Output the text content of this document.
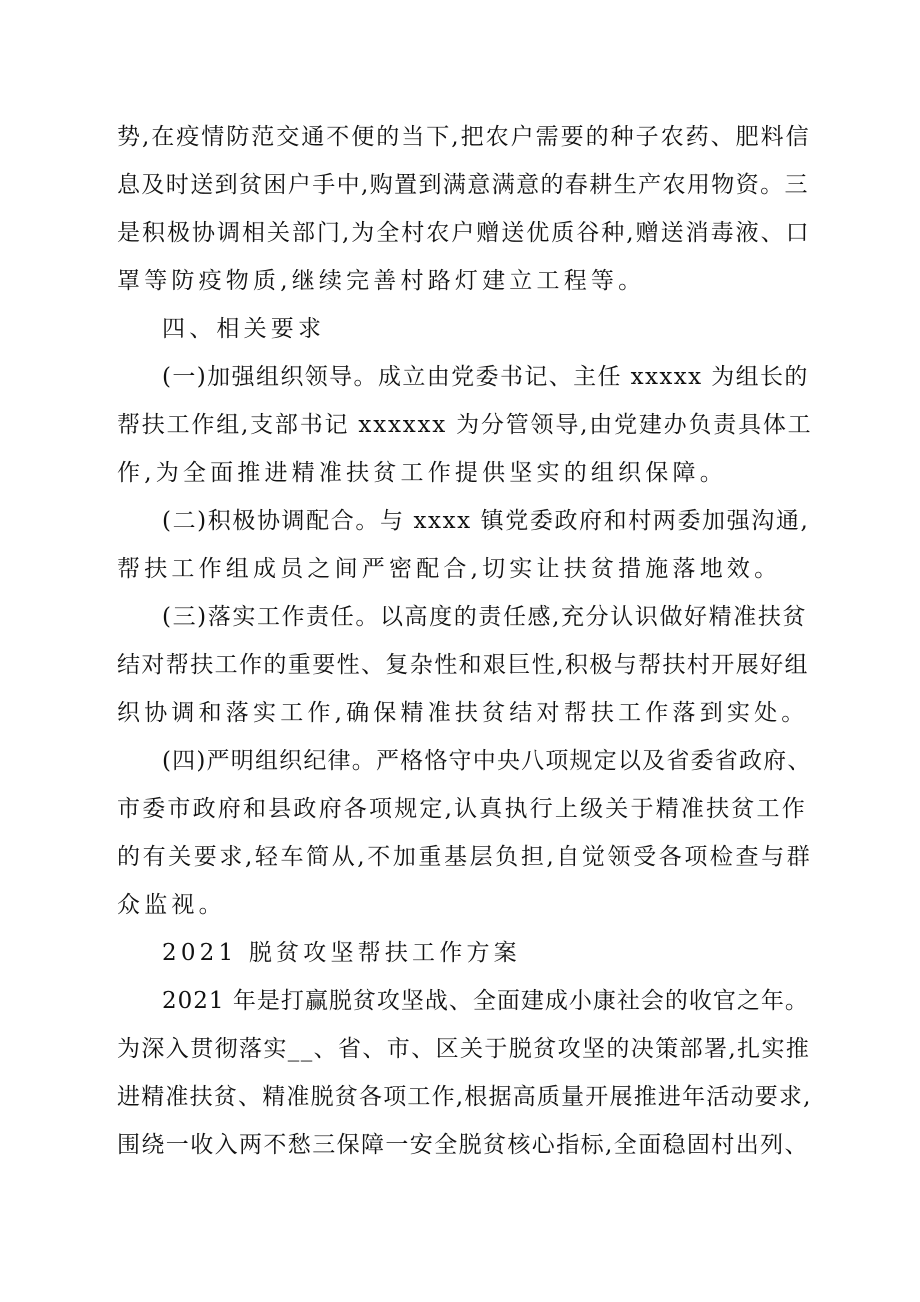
势,在疫情防范交通不便的当下,把农户需要的种子农药、肥料信
息及时送到贫困户手中,购置到满意满意的春耕生产农用物资。三
是积极协调相关部门,为全村农户赠送优质谷种,赠送消毒液、口
罩等防疫物质,继续完善村路灯建立工程等。
四、相关要求
(一)加强组织领导。成立由党委书记、主任 xxxxx 为组长的
帮扶工作组,支部书记 xxxxxx 为分管领导,由党建办负责具体工
作,为全面推进精准扶贫工作提供坚实的组织保障。
(二)积极协调配合。与 xxxx 镇党委政府和村两委加强沟通,
帮扶工作组成员之间严密配合,切实让扶贫措施落地效。
(三)落实工作责任。以高度的责任感,充分认识做好精准扶贫
结对帮扶工作的重要性、复杂性和艰巨性,积极与帮扶村开展好组
织协调和落实工作,确保精准扶贫结对帮扶工作落到实处。
(四)严明组织纪律。严格恪守中央八项规定以及省委省政府、
市委市政府和县政府各项规定,认真执行上级关于精准扶贫工作
的有关要求,轻车简从,不加重基层负担,自觉领受各项检查与群
众监视。
2021 脱贫攻坚帮扶工作方案
2021 年是打赢脱贫攻坚战、全面建成小康社会的收官之年。
为深入贯彻落实__、省、市、区关于脱贫攻坚的决策部署,扎实推
进精准扶贫、精准脱贫各项工作,根据高质量开展推进年活动要求,
围绕一收入两不愁三保障一安全脱贫核心指标,全面稳固村出列、
